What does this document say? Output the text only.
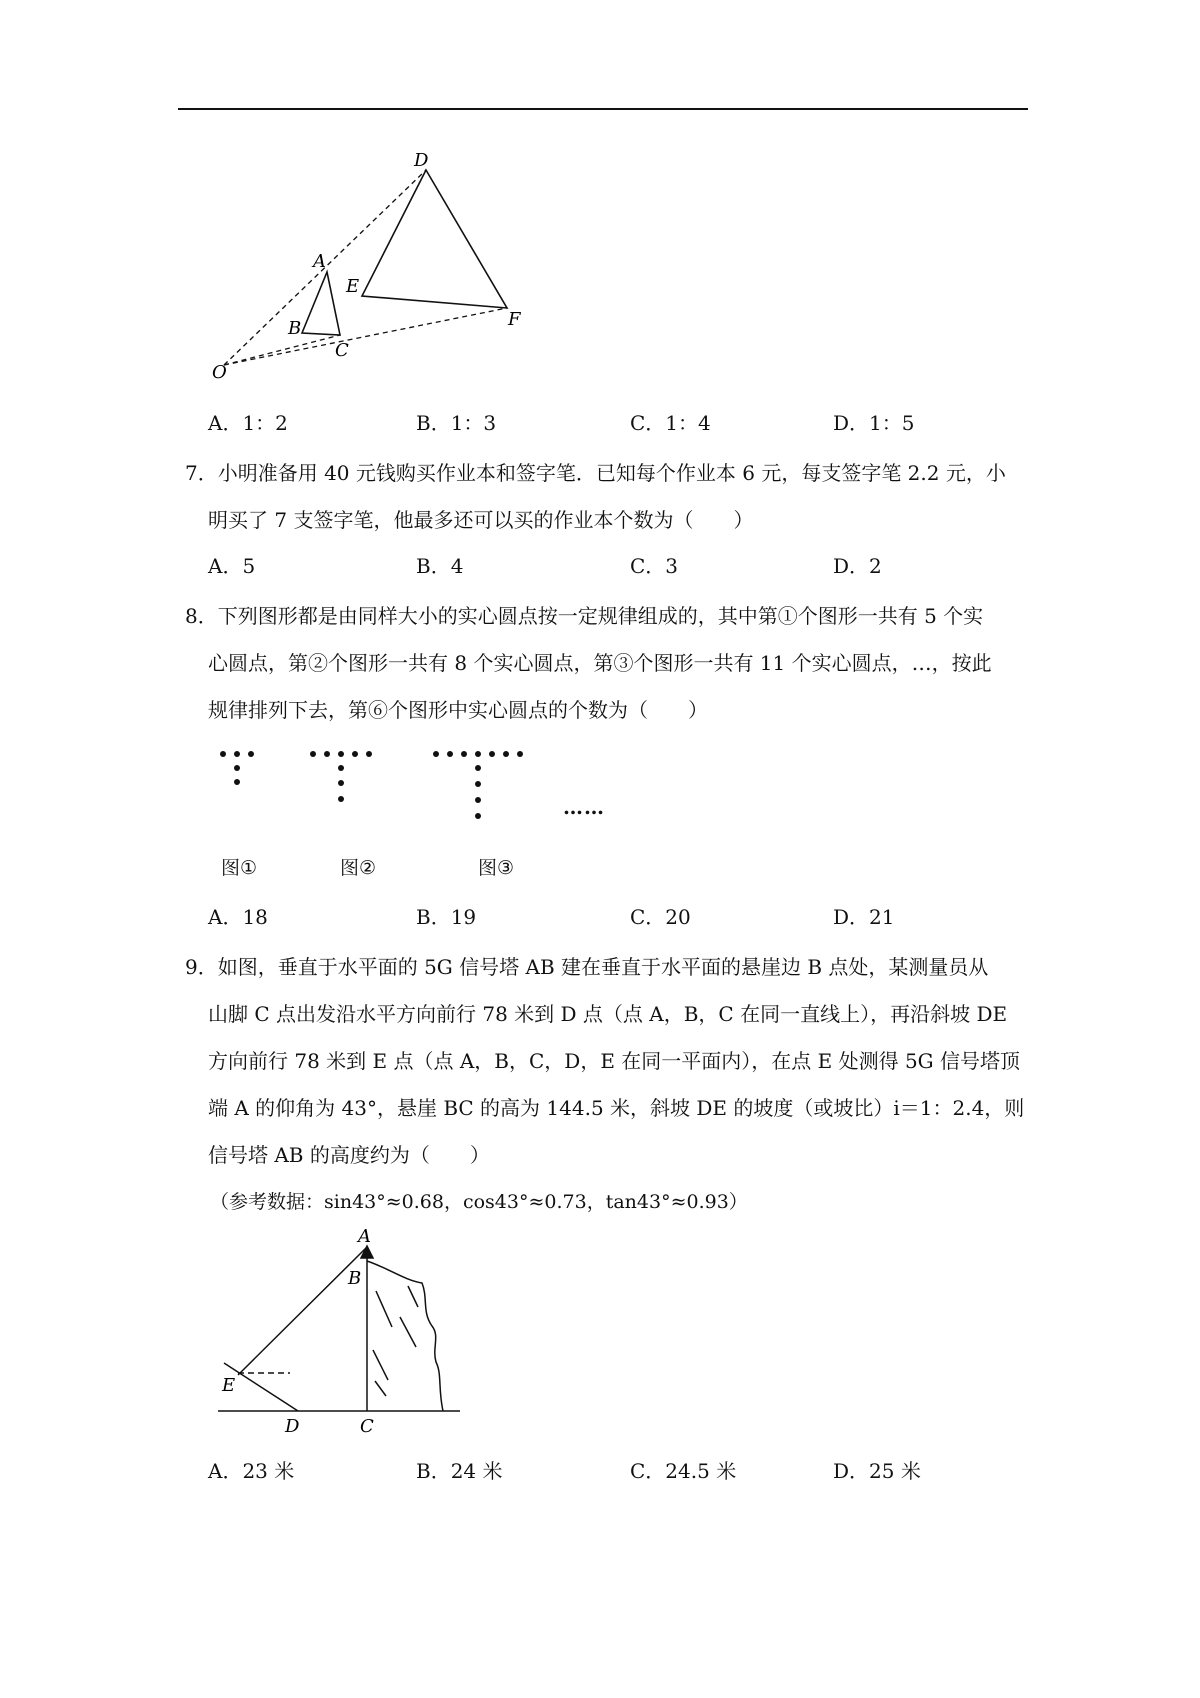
O
A
B
C
D
E
F
A．1：2	B．1：3	C．1：4	D．1：5
7．小明准备用 40 元钱购买作业本和签字笔．已知每个作业本 6 元，每支签字笔 2.2 元，小
明买了 7 支签字笔，他最多还可以买的作业本个数为（　　）
A．5	B．4	C．3	D．2
8．下列图形都是由同样大小的实心圆点按一定规律组成的，其中第①个图形一共有 5 个实
心圆点，第②个图形一共有 8 个实心圆点，第③个图形一共有 11 个实心圆点，…，按此
规律排列下去，第⑥个图形中实心圆点的个数为（　　）
……
图①	图②	图③
A．18	B．19	C．20	D．21
9．如图，垂直于水平面的 5G 信号塔 AB 建在垂直于水平面的悬崖边 B 点处，某测量员从
山脚 C 点出发沿水平方向前行 78 米到 D 点（点 A，B，C 在同一直线上），再沿斜坡 DE
方向前行 78 米到 E 点（点 A，B，C，D，E 在同一平面内），在点 E 处测得 5G 信号塔顶
端 A 的仰角为 43°，悬崖 BC 的高为 144.5 米，斜坡 DE 的坡度（或坡比）i＝1：2.4，则
信号塔 AB 的高度约为（　　）
（参考数据：sin43°≈0.68，cos43°≈0.73，tan43°≈0.93）
A
B
E
D	C
A．23 米	B．24 米	C．24.5 米	D．25 米
